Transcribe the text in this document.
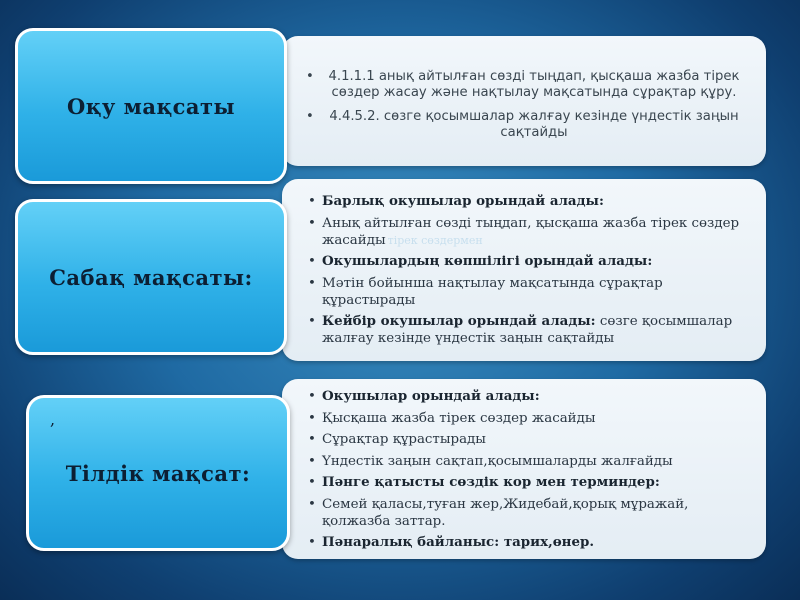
• 4.1.1.1 анық айтылған сөзді тыңдап, қысқаша жазба тірек сөздер жасау және нақтылау мақсатында сұрақтар құру.
• 4.4.5.2. сөзге қосымшалар жалғау кезінде үндестік заңын сақтайды
Оқу мақсаты
• Барлық окушылар орындай алады:
• Анық айтылған сөзді тыңдап, қысқаша жазба тірек сөздер жасайды тірек сөздермен
• Окушылардың көпшілігі орындай алады:
• Мәтін бойынша нақтылау мақсатында сұрақтар құрастырады
• Кейбір окушылар орындай алады: сөзге қосымшалар жалғау кезінде үндестік заңын сақтайды
Сабақ мақсаты:
• Окушылар орындай алады:
• Қысқаша жазба тірек сөздер жасайды
• Сұрақтар құрастырады
• Үндестік заңын сақтап,қосымшаларды жалғайды
• Пәнге қатысты сөздік кор мен терминдер:
• Семей қаласы,туған жер,Жидебай,қорық мұражай, қолжазба заттар.
• Пәнаралық байланыс: тарих,өнер.
Тілдік мақсат:
,
